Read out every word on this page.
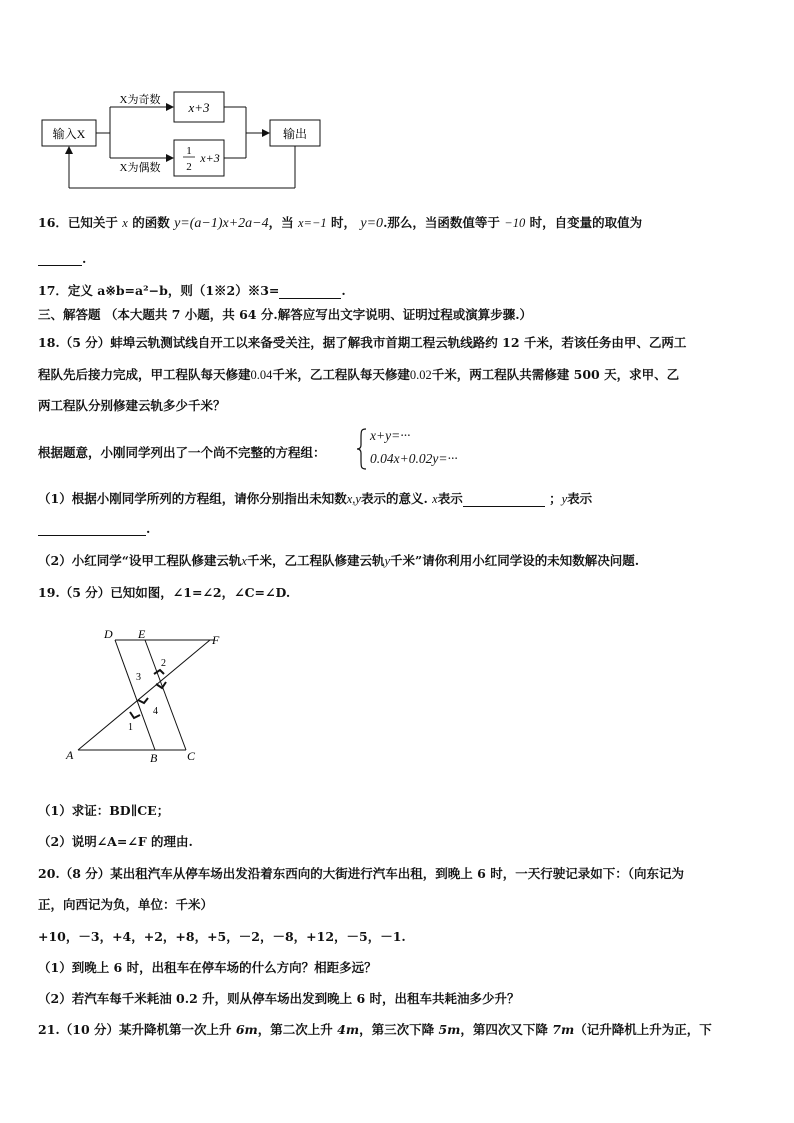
输入X
x+3
1
2
x+3
输出
X为奇数
X为偶数
16．已知关于 x 的函数 y=(a−1)x+2a−4，当 x=−1 时， y=0.那么，当函数值等于 −10 时，自变量的取值为
.
17．定义 a※b=a²−b，则（1※2）※3=	.
三、解答题 （本大题共 7 小题，共 64 分.解答应写出文字说明、证明过程或演算步骤.）
18.（5 分）蚌埠云轨测试线自开工以来备受关注，据了解我市首期工程云轨线路约 12 千米，若该任务由甲、乙两工
程队先后接力完成，甲工程队每天修建0.04千米，乙工程队每天修建0.02千米，两工程队共需修建 500 天，求甲、乙
两工程队分别修建云轨多少千米？
根据题意，小刚同学列出了一个尚不完整的方程组：
x+y=···
0.04x+0.02y=···
（1）根据小刚同学所列的方程组，请你分别指出未知数x,y表示的意义. x表示	；y表示
.
（2）小红同学“设甲工程队修建云轨x千米，乙工程队修建云轨y千米”请你利用小红同学设的未知数解决问题.
19.（5 分）已知如图，∠1=∠2，∠C=∠D.
D E	F
A	B C
1
2
3
4
（1）求证：BD∥CE；
（2）说明∠A=∠F 的理由.
20.（8 分）某出租汽车从停车场出发沿着东西向的大街进行汽车出租，到晚上 6 时，一天行驶记录如下：（向东记为
正，向西记为负，单位：千米）
+10，－3，+4，+2，+8，+5，－2，－8，+12，－5，－1.
（1）到晚上 6 时，出租车在停车场的什么方向？相距多远？
（2）若汽车每千米耗油 0.2 升，则从停车场出发到晚上 6 时，出租车共耗油多少升？
21.（10 分）某升降机第一次上升 6m，第二次上升 4m，第三次下降 5m，第四次又下降 7m（记升降机上升为正，下
